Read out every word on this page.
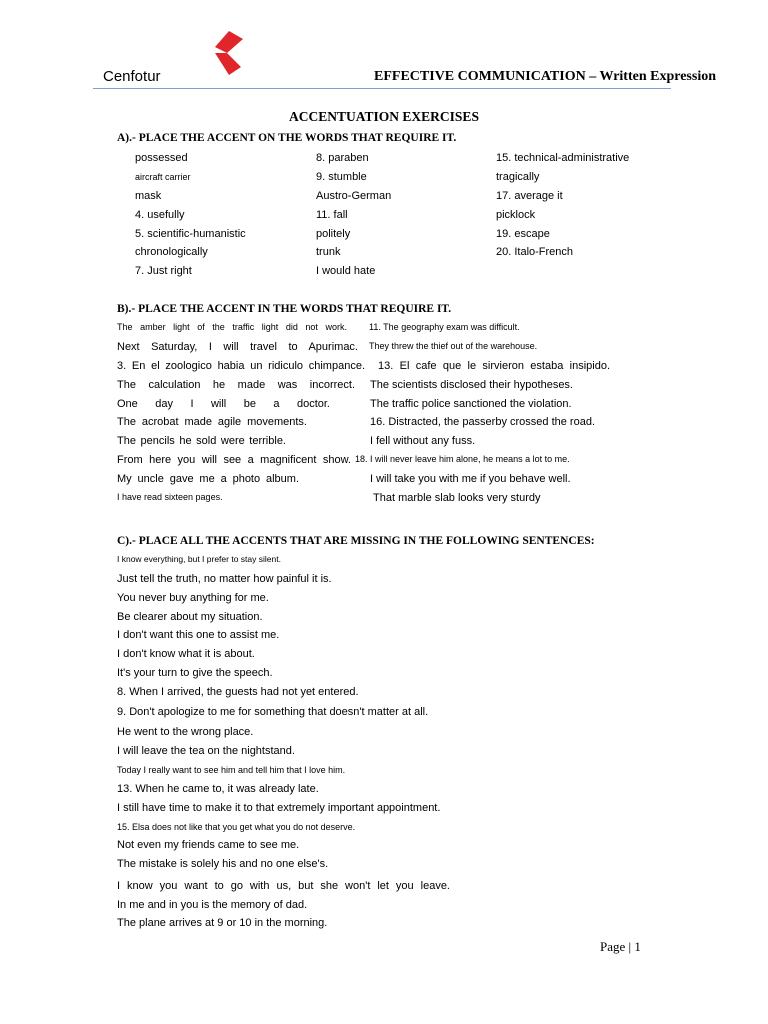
Cenfotur	EFFECTIVE COMMUNICATION – Written Expression
ACCENTUATION EXERCISES
A).- PLACE THE ACCENT ON THE WORDS THAT REQUIRE IT.
possessed
aircraft carrier
mask
4. usefully
5. scientific-humanistic
chronologically
7. Just right
8. paraben
9. stumble
Austro-German
11. fall
politely
trunk
I would hate
15. technical-administrative
tragically
17. average it
picklock
19. escape
20. Italo-French
B).- PLACE THE ACCENT IN THE WORDS THAT REQUIRE IT.
The amber light of the traffic light did not work.
Next Saturday, I will travel to Apurimac.
3. En el zoologico habia un ridiculo chimpance.
The calculation he made was incorrect.
One day I will be a doctor.
The acrobat made agile movements.
The pencils he sold were terrible.
From here you will see a magnificent show.
My uncle gave me a photo album.
I have read sixteen pages.
11. The geography exam was difficult.
They threw the thief out of the warehouse.
13. El cafe que le sirvieron estaba insipido.
The scientists disclosed their hypotheses.
The traffic police sanctioned the violation.
16. Distracted, the passerby crossed the road.
I fell without any fuss.
18. I will never leave him alone, he means a lot to me.
I will take you with me if you behave well.
That marble slab looks very sturdy
C).- PLACE ALL THE ACCENTS THAT ARE MISSING IN THE FOLLOWING SENTENCES:
I know everything, but I prefer to stay silent.
Just tell the truth, no matter how painful it is.
You never buy anything for me.
Be clearer about my situation.
I don't want this one to assist me.
I don't know what it is about.
It's your turn to give the speech.
8. When I arrived, the guests had not yet entered.
9. Don't apologize to me for something that doesn't matter at all.
He went to the wrong place.
I will leave the tea on the nightstand.
Today I really want to see him and tell him that I love him.
13. When he came to, it was already late.
I still have time to make it to that extremely important appointment.
15. Elsa does not like that you get what you do not deserve.
Not even my friends came to see me.
The mistake is solely his and no one else's.
I know you want to go with us, but she won't let you leave.
In me and in you is the memory of dad.
The plane arrives at 9 or 10 in the morning.
Page | 1
